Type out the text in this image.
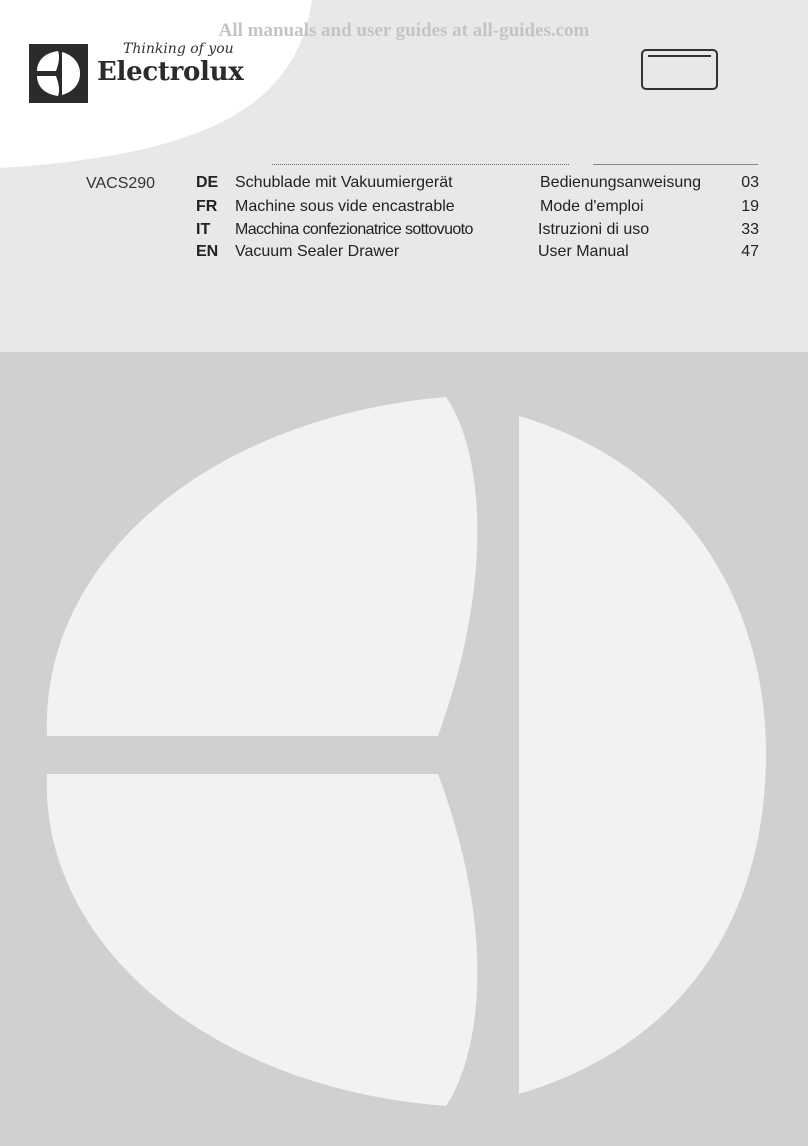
All manuals and user guides at all-guides.com
Thinking of you
Electrolux
VACS290	DE Schublade mit Vakuumiergerät	Bedienungsanweisung	03
FR Machine sous vide encastrable	Mode d'emploi	19
IT	Macchina confezionatrice sottovuoto	Istruzioni di uso	33
EN Vacuum Sealer Drawer	User Manual	47
